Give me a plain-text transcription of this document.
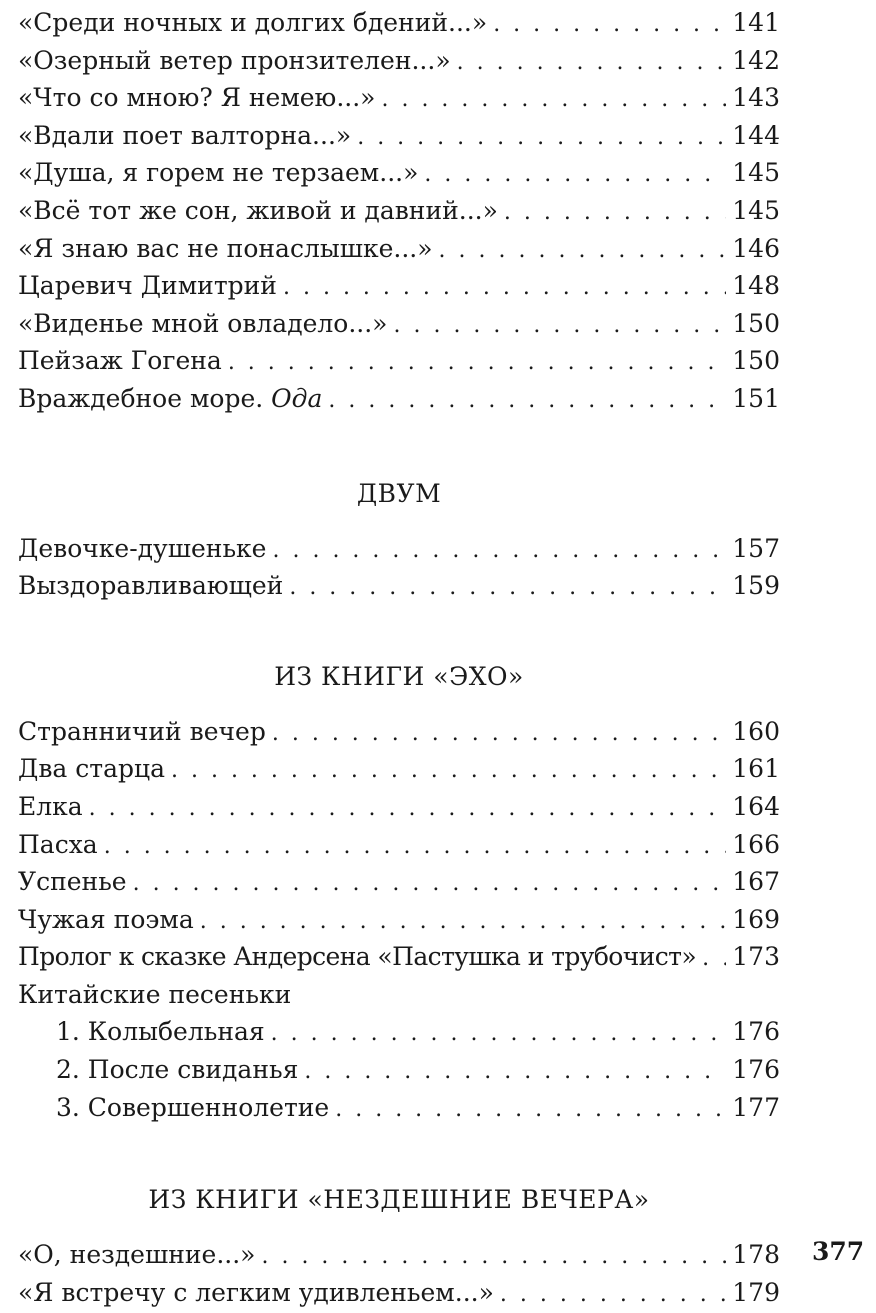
«Среди ночных и долгих бдений...» . . .	141
«Озерный ветер пронзителен...» . . .	142
«Что со мною? Я немею...» . . .	143
«Вдали поет валторна...» . . .	144
«Душа, я горем не терзаем...» . . .	145
«Всё тот же сон, живой и давний...» . . .	145
«Я знаю вас не понаслышке...» . . .	146
Царевич Димитрий . . .	148
«Виденье мной овладело...» . . .	150
Пейзаж Гогена . . .	150
Враждебное море. Ода . . .	151
ДВУМ
Девочке-душеньке . . .	157
Выздоравливающей . . .	159
ИЗ КНИГИ «ЭХО»
Странничий вечер . . .	160
Два старца . . .	161
Елка . . .	164
Пасха . . .	166
Успенье . . .	167
Чужая поэма . . .	169
Пролог к сказке Андерсена «Пастушка и трубочист» . . . 173
Китайские песеньки
1. Колыбельная . . .	176
2. После свиданья . . .	176
3. Совершеннолетие . . .	177
ИЗ КНИГИ «НЕЗДЕШНИЕ ВЕЧЕРА»
«О, нездешние...» . . .	178
«Я встречу с легким удивленьем...» . . .	179
377
